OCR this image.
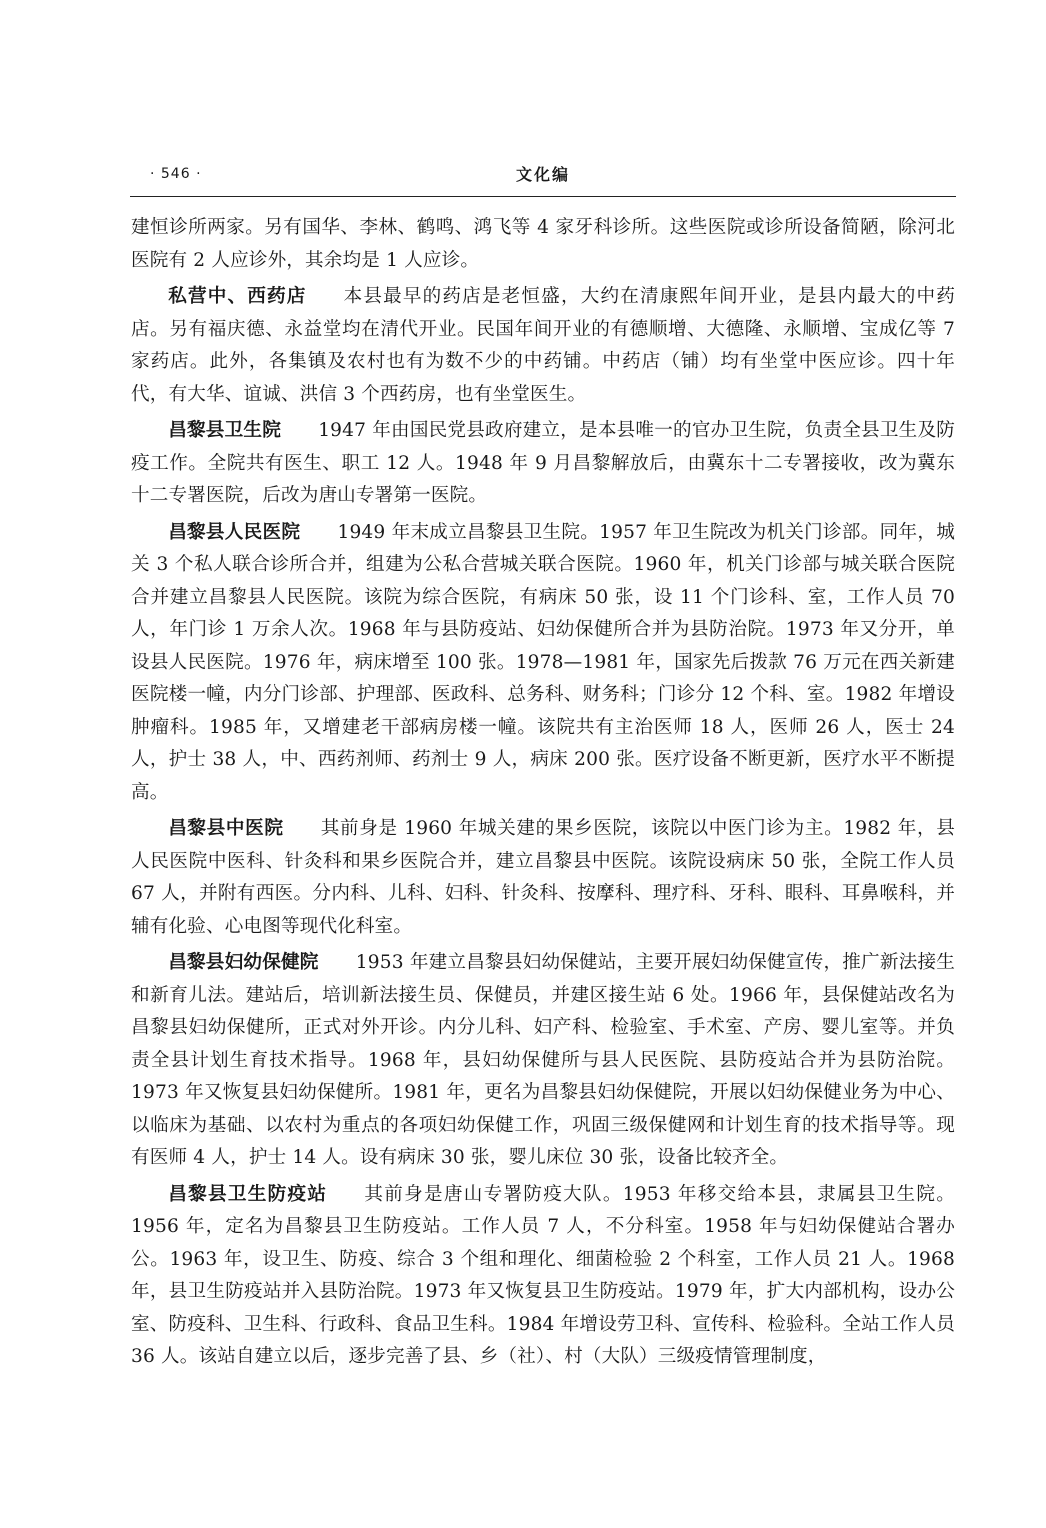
· 546 ·	文化编

建恒诊所两家。另有国华、李林、鹤鸣、鸿飞等 4 家牙科诊所。这些医院或诊所设备简陋，除河北医院有 2 人应诊外，其余均是 1 人应诊。

私营中、西药店 本县最早的药店是老恒盛，大约在清康熙年间开业，是县内最大的中药店。另有福庆德、永益堂均在清代开业。民国年间开业的有德顺增、大德隆、永顺增、宝成亿等 7 家药店。此外，各集镇及农村也有为数不少的中药铺。中药店（铺）均有坐堂中医应诊。四十年代，有大华、谊诚、洪信 3 个西药房，也有坐堂医生。

昌黎县卫生院 1947 年由国民党县政府建立，是本县唯一的官办卫生院，负责全县卫生及防疫工作。全院共有医生、职工 12 人。1948 年 9 月昌黎解放后，由冀东十二专署接收，改为冀东十二专署医院，后改为唐山专署第一医院。

昌黎县人民医院 1949 年末成立昌黎县卫生院。1957 年卫生院改为机关门诊部。同年，城关 3 个私人联合诊所合并，组建为公私合营城关联合医院。1960 年，机关门诊部与城关联合医院合并建立昌黎县人民医院。该院为综合医院，有病床 50 张，设 11 个门诊科、室，工作人员 70 人，年门诊 1 万余人次。1968 年与县防疫站、妇幼保健所合并为县防治院。1973 年又分开，单设县人民医院。1976 年，病床增至 100 张。1978—1981 年，国家先后拨款 76 万元在西关新建医院楼一幢，内分门诊部、护理部、医政科、总务科、财务科；门诊分 12 个科、室。1982 年增设肿瘤科。1985 年，又增建老干部病房楼一幢。该院共有主治医师 18 人，医师 26 人，医士 24 人，护士 38 人，中、西药剂师、药剂士 9 人，病床 200 张。医疗设备不断更新，医疗水平不断提高。

昌黎县中医院 其前身是 1960 年城关建的果乡医院，该院以中医门诊为主。1982 年，县人民医院中医科、针灸科和果乡医院合并，建立昌黎县中医院。该院设病床 50 张，全院工作人员 67 人，并附有西医。分内科、儿科、妇科、针灸科、按摩科、理疗科、牙科、眼科、耳鼻喉科，并辅有化验、心电图等现代化科室。

昌黎县妇幼保健院 1953 年建立昌黎县妇幼保健站，主要开展妇幼保健宣传，推广新法接生和新育儿法。建站后，培训新法接生员、保健员，并建区接生站 6 处。1966 年，县保健站改名为昌黎县妇幼保健所，正式对外开诊。内分儿科、妇产科、检验室、手术室、产房、婴儿室等。并负责全县计划生育技术指导。1968 年，县妇幼保健所与县人民医院、县防疫站合并为县防治院。1973 年又恢复县妇幼保健所。1981 年，更名为昌黎县妇幼保健院，开展以妇幼保健业务为中心、以临床为基础、以农村为重点的各项妇幼保健工作，巩固三级保健网和计划生育的技术指导等。现有医师 4 人，护士 14 人。设有病床 30 张，婴儿床位 30 张，设备比较齐全。

昌黎县卫生防疫站 其前身是唐山专署防疫大队。1953 年移交给本县，隶属县卫生院。1956 年，定名为昌黎县卫生防疫站。工作人员 7 人，不分科室。1958 年与妇幼保健站合署办公。1963 年，设卫生、防疫、综合 3 个组和理化、细菌检验 2 个科室，工作人员 21 人。1968 年，县卫生防疫站并入县防治院。1973 年又恢复县卫生防疫站。1979 年，扩大内部机构，设办公室、防疫科、卫生科、行政科、食品卫生科。1984 年增设劳卫科、宣传科、检验科。全站工作人员 36 人。该站自建立以后，逐步完善了县、乡（社）、村（大队）三级疫情管理制度，
